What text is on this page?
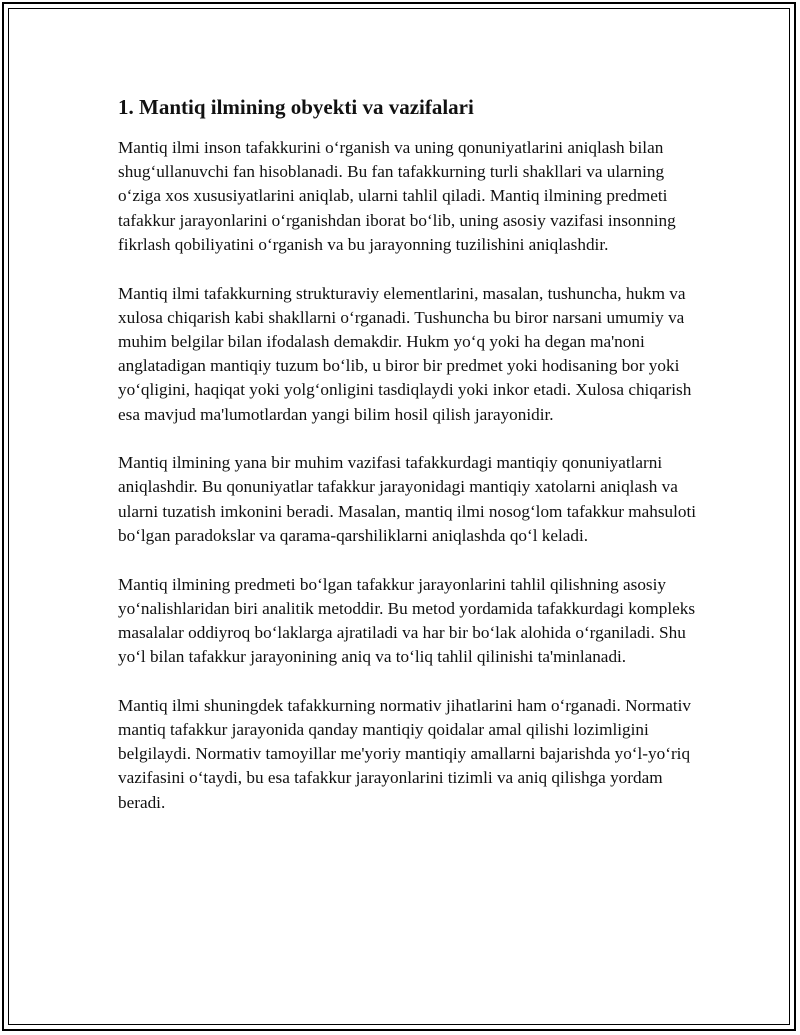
1. Mantiq ilmining obyekti va vazifalari

Mantiq ilmi inson tafakkurini o‘rganish va uning qonuniyatlarini aniqlash bilan shug‘ullanuvchi fan hisoblanadi. Bu fan tafakkurning turli shakllari va ularning o‘ziga xos xususiyatlarini aniqlab, ularni tahlil qiladi. Mantiq ilmining predmeti tafakkur jarayonlarini o‘rganishdan iborat bo‘lib, uning asosiy vazifasi insonning fikrlash qobiliyatini o‘rganish va bu jarayonning tuzilishini aniqlashdir.

Mantiq ilmi tafakkurning strukturaviy elementlarini, masalan, tushuncha, hukm va xulosa chiqarish kabi shakllarni o‘rganadi. Tushuncha bu biror narsani umumiy va muhim belgilar bilan ifodalash demakdir. Hukm yo‘q yoki ha degan ma'noni anglatadigan mantiqiy tuzum bo‘lib, u biror bir predmet yoki hodisaning bor yoki yo‘qligini, haqiqat yoki yolg‘onligini tasdiqlaydi yoki inkor etadi. Xulosa chiqarish esa mavjud ma'lumotlardan yangi bilim hosil qilish jarayonidir.

Mantiq ilmining yana bir muhim vazifasi tafakkurdagi mantiqiy qonuniyatlarni aniqlashdir. Bu qonuniyatlar tafakkur jarayonidagi mantiqiy xatolarni aniqlash va ularni tuzatish imkonini beradi. Masalan, mantiq ilmi nosog‘lom tafakkur mahsuloti bo‘lgan paradokslar va qarama-qarshiliklarni aniqlashda qo‘l keladi.

Mantiq ilmining predmeti bo‘lgan tafakkur jarayonlarini tahlil qilishning asosiy yo‘nalishlaridan biri analitik metoddir. Bu metod yordamida tafakkurdagi kompleks masalalar oddiyroq bo‘laklarga ajratiladi va har bir bo‘lak alohida o‘rganiladi. Shu yo‘l bilan tafakkur jarayonining aniq va to‘liq tahlil qilinishi ta'minlanadi.

Mantiq ilmi shuningdek tafakkurning normativ jihatlarini ham o‘rganadi. Normativ mantiq tafakkur jarayonida qanday mantiqiy qoidalar amal qilishi lozimligini belgilaydi. Normativ tamoyillar me'yoriy mantiqiy amallarni bajarishda yo‘l-yo‘riq vazifasini o‘taydi, bu esa tafakkur jarayonlarini tizimli va aniq qilishga yordam beradi.
